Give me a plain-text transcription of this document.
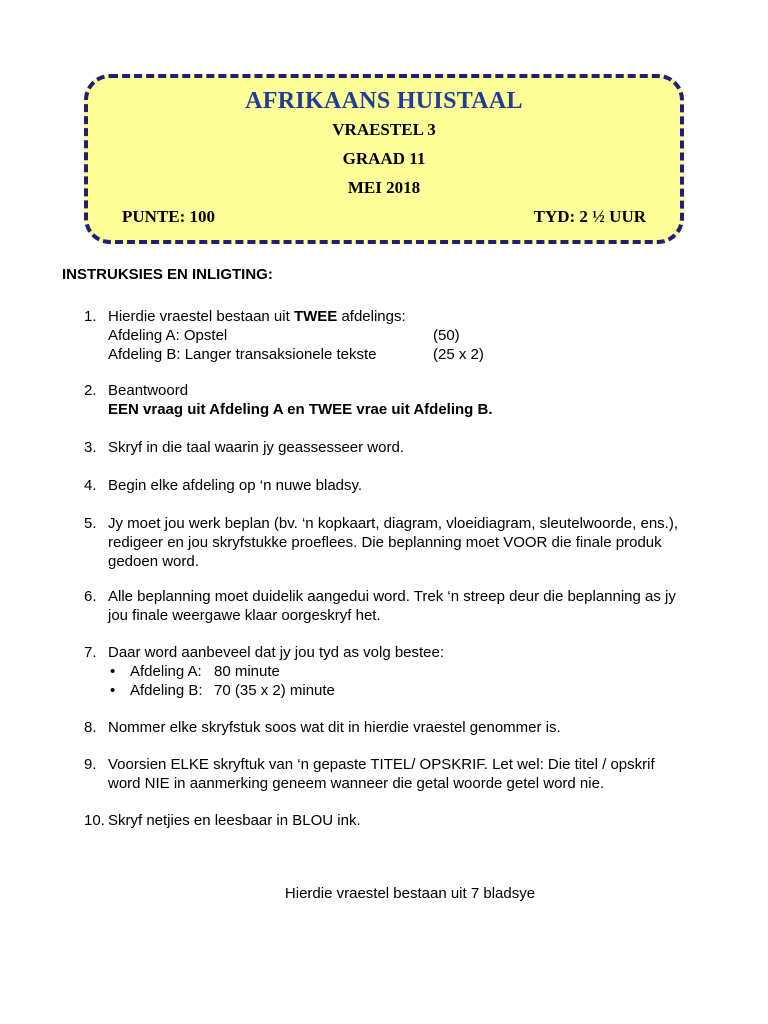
AFRIKAANS HUISTAAL
VRAESTEL 3
GRAAD 11
MEI 2018
PUNTE: 100	TYD: 2 ½ UUR
INSTRUKSIES EN INLIGTING:
1. Hierdie vraestel bestaan uit TWEE afdelings:
Afdeling A: Opstel	(50)
Afdeling B: Langer transaksionele tekste	(25 x 2)
2. Beantwoord
EEN vraag uit Afdeling A en TWEE vrae uit Afdeling B.
3. Skryf in die taal waarin jy geassesseer word.
4. Begin elke afdeling op ‘n nuwe bladsy.
5. Jy moet jou werk beplan (bv. ‘n kopkaart, diagram, vloeidiagram, sleutelwoorde, ens.),
redigeer en jou skryfstukke proeflees. Die beplanning moet VOOR die finale produk
gedoen word.
6. Alle beplanning moet duidelik aangedui word. Trek ‘n streep deur die beplanning as jy
jou finale weergawe klaar oorgeskryf het.
7. Daar word aanbeveel dat jy jou tyd as volg bestee:
• Afdeling A: 80 minute
• Afdeling B: 70 (35 x 2) minute
8. Nommer elke skryfstuk soos wat dit in hierdie vraestel genommer is.
9. Voorsien ELKE skryftuk van ‘n gepaste TITEL/ OPSKRIF. Let wel: Die titel / opskrif
word NIE in aanmerking geneem wanneer die getal woorde getel word nie.
10. Skryf netjies en leesbaar in BLOU ink.
Hierdie vraestel bestaan uit 7 bladsye
